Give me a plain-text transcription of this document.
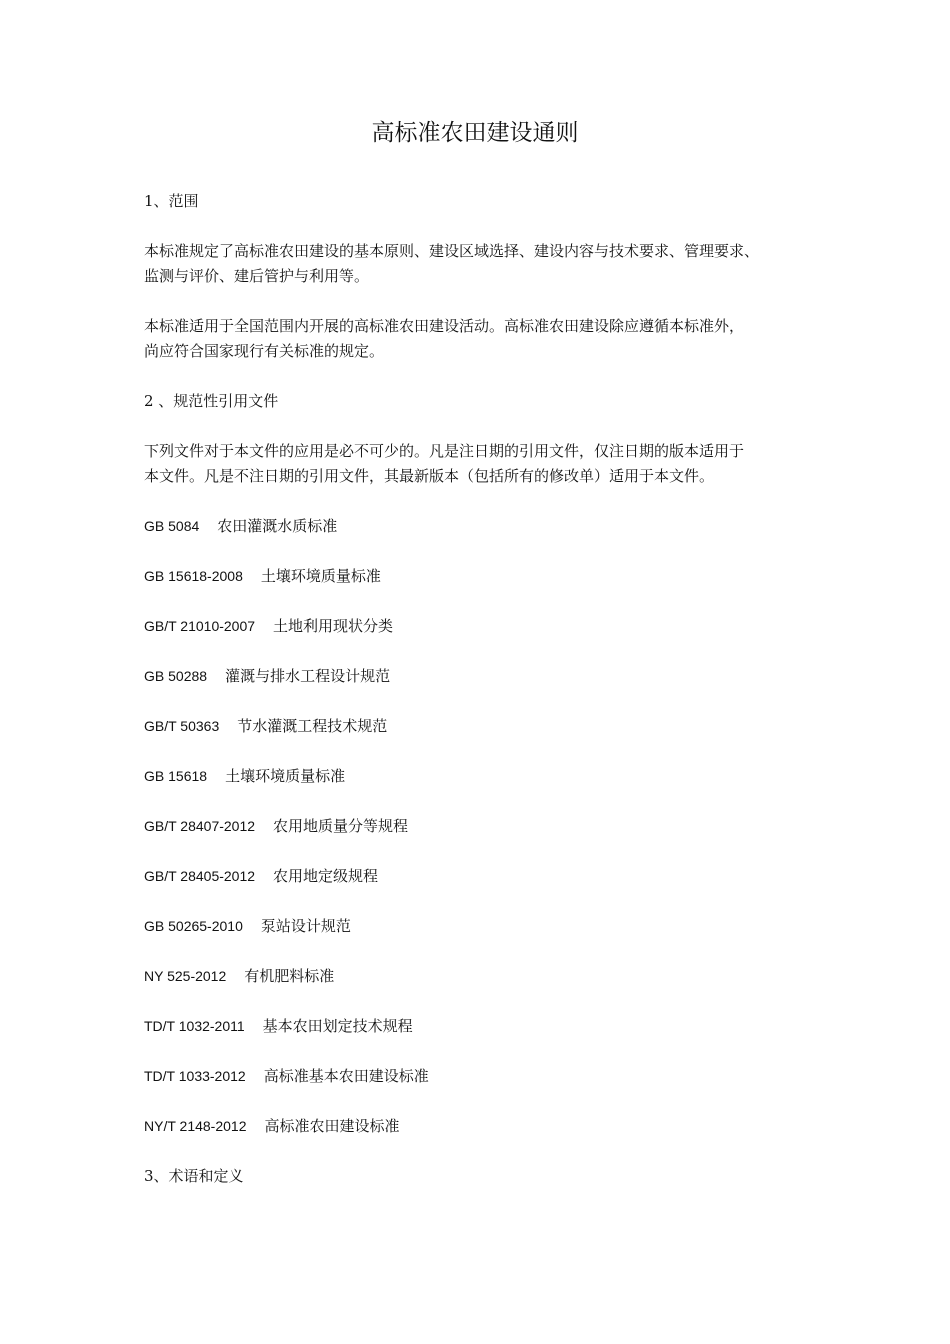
高标准农田建设通则

1、范围

本标准规定了高标准农田建设的基本原则、建设区域选择、建设内容与技术要求、管理要求、

监测与评价、建后管护与利用等。

本标准适用于全国范围内开展的高标准农田建设活动。高标准农田建设除应遵循本标准外，

尚应符合国家现行有关标准的规定。

2 、规范性引用文件

下列文件对于本文件的应用是必不可少的。凡是注日期的引用文件，仅注日期的版本适用于

本文件。凡是不注日期的引用文件，其最新版本（包括所有的修改单）适用于本文件。

GB 5084 农田灌溉水质标准
GB 15618-2008 土壤环境质量标准
GB/T 21010-2007 土地利用现状分类
GB 50288 灌溉与排水工程设计规范
GB/T 50363 节水灌溉工程技术规范
GB 15618 土壤环境质量标准
GB/T 28407-2012 农用地质量分等规程
GB/T 28405-2012 农用地定级规程
GB 50265-2010 泵站设计规范
NY 525-2012 有机肥料标准
TD/T 1032-2011 基本农田划定技术规程
TD/T 1033-2012 高标准基本农田建设标准
NY/T 2148-2012 高标准农田建设标准

3、术语和定义
